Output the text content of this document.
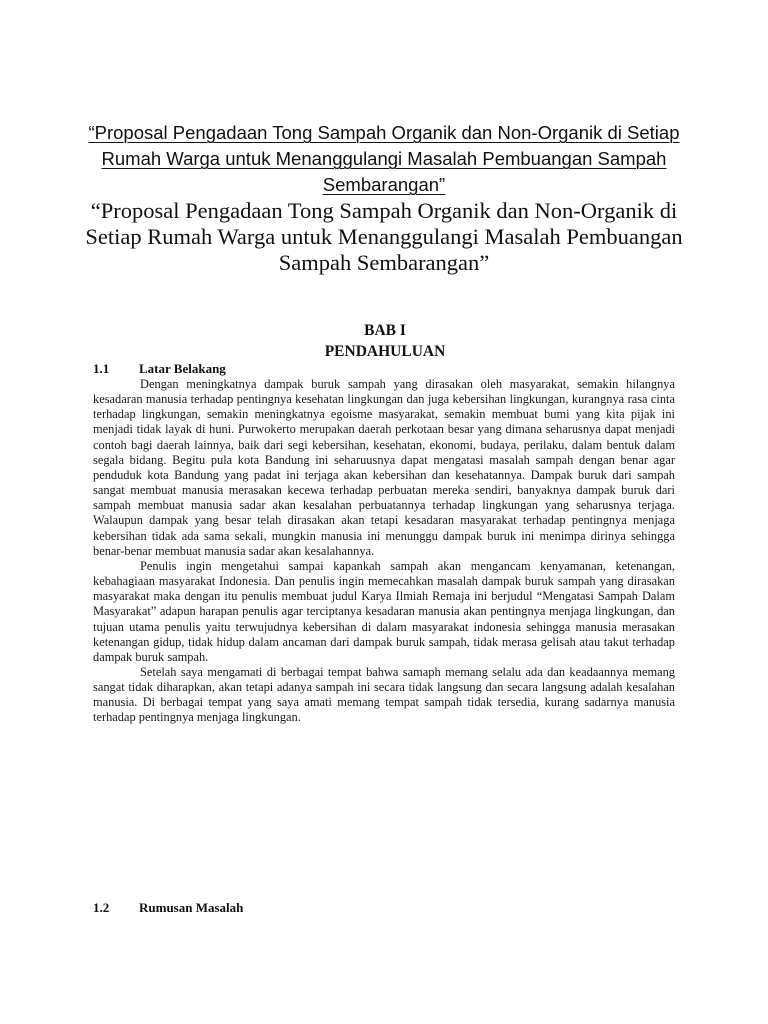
“Proposal Pengadaan Tong Sampah Organik dan Non-Organik di Setiap Rumah Warga untuk Menanggulangi Masalah Pembuangan Sampah Sembarangan”
“Proposal Pengadaan Tong Sampah Organik dan Non-Organik di Setiap Rumah Warga untuk Menanggulangi Masalah Pembuangan Sampah Sembarangan”
BAB I
PENDAHULUAN
1.1 Latar Belakang

Dengan meningkatnya dampak buruk sampah yang dirasakan oleh masyarakat, semakin hilangnya kesadaran manusia terhadap pentingnya kesehatan lingkungan dan juga kebersihan lingkungan, kurangnya rasa cinta terhadap lingkungan, semakin meningkatnya egoisme masyarakat, semakin membuat bumi yang kita pijak ini menjadi tidak layak di huni. Purwokerto merupakan daerah perkotaan besar yang dimana seharusnya dapat menjadi contoh bagi daerah lainnya, baik dari segi kebersihan, kesehatan, ekonomi, budaya, perilaku, dalam bentuk dalam segala bidang. Begitu pula kota Bandung ini seharuusnya dapat mengatasi masalah sampah dengan benar agar penduduk kota Bandung yang padat ini terjaga akan kebersihan dan kesehatannya. Dampak buruk dari sampah sangat membuat manusia merasakan kecewa terhadap perbuatan mereka sendiri, banyaknya dampak buruk dari sampah membuat manusia sadar akan kesalahan perbuatannya terhadap lingkungan yang seharusnya terjaga. Walaupun dampak yang besar telah dirasakan akan tetapi kesadaran masyarakat terhadap pentingnya menjaga kebersihan tidak ada sama sekali, mungkin manusia ini menunggu dampak buruk ini menimpa dirinya sehingga benar-benar membuat manusia sadar akan kesalahannya.

Penulis ingin mengetahui sampai kapankah sampah akan mengancam kenyamanan, ketenangan, kebahagiaan masyarakat Indonesia. Dan penulis ingin memecahkan masalah dampak buruk sampah yang dirasakan masyarakat maka dengan itu penulis membuat judul Karya Ilmiah Remaja ini berjudul “Mengatasi Sampah Dalam Masyarakat” adapun harapan penulis agar terciptanya kesadaran manusia akan pentingnya menjaga lingkungan, dan tujuan utama penulis yaitu terwujudnya kebersihan di dalam masyarakat indonesia sehingga manusia merasakan ketenangan gidup, tidak hidup dalam ancaman dari dampak buruk sampah, tidak merasa gelisah atau takut terhadap dampak buruk sampah.

Setelah saya mengamati di berbagai tempat bahwa samaph memang selalu ada dan keadaannya memang sangat tidak diharapkan, akan tetapi adanya sampah ini secara tidak langsung dan secara langsung adalah kesalahan manusia. Di berbagai tempat yang saya amati memang tempat sampah tidak tersedia, kurang sadarnya manusia terhadap pentingnya menjaga lingkungan.

1.2 Rumusan Masalah
